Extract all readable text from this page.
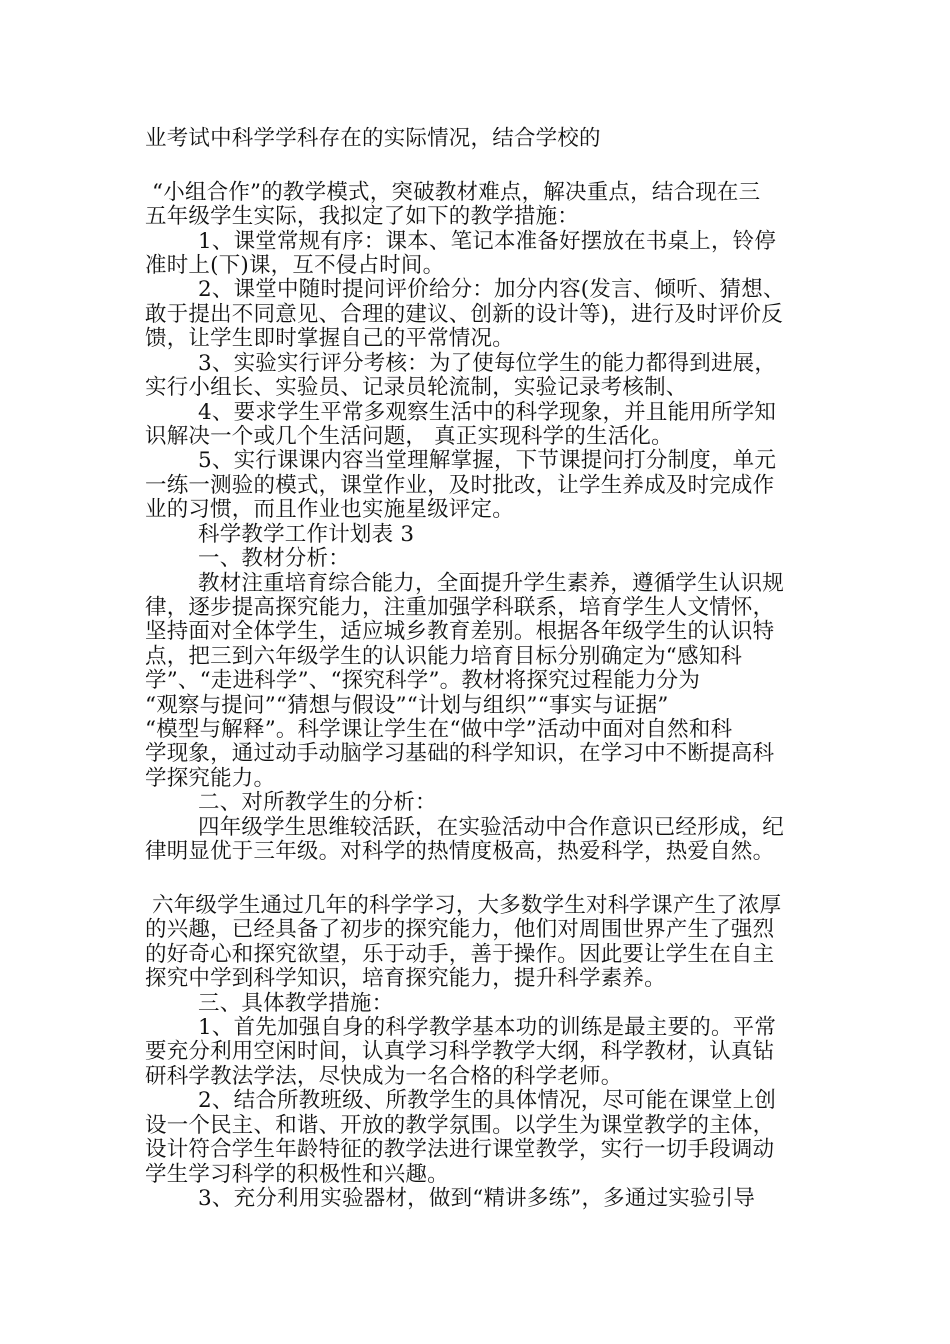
业考试中科学学科存在的实际情况，结合学校的
“小组合作”的教学模式，突破教材难点，解决重点，结合现在三
五年级学生实际，我拟定了如下的教学措施：
1、课堂常规有序：课本、笔记本准备好摆放在书桌上，铃停
准时上(下)课，互不侵占时间。
2、课堂中随时提问评价给分：加分内容(发言、倾听、猜想、
敢于提出不同意见、合理的建议、创新的设计等)，进行及时评价反
馈，让学生即时掌握自己的平常情况。
3、实验实行评分考核：为了使每位学生的能力都得到进展，
实行小组长、实验员、记录员轮流制，实验记录考核制、
4、要求学生平常多观察生活中的科学现象，并且能用所学知
识解决一个或几个生活问题， 真正实现科学的生活化。
5、实行课课内容当堂理解掌握，下节课提问打分制度，单元
一练一测验的模式，课堂作业，及时批改，让学生养成及时完成作
业的习惯，而且作业也实施星级评定。
科学教学工作计划表 3
一、教材分析：
教材注重培育综合能力，全面提升学生素养，遵循学生认识规
律，逐步提高探究能力，注重加强学科联系，培育学生人文情怀，
坚持面对全体学生，适应城乡教育差别。根据各年级学生的认识特
点，把三到六年级学生的认识能力培育目标分别确定为“感知科
学”、“走进科学”、“探究科学”。教材将探究过程能力分为
“观察与提问”“猜想与假设”“计划与组织”“事实与证据”
“模型与解释”。科学课让学生在“做中学”活动中面对自然和科
学现象，通过动手动脑学习基础的科学知识，在学习中不断提高科
学探究能力。
二、对所教学生的分析：
四年级学生思维较活跃，在实验活动中合作意识已经形成，纪
律明显优于三年级。对科学的热情度极高，热爱科学，热爱自然。
六年级学生通过几年的科学学习，大多数学生对科学课产生了浓厚
的兴趣，已经具备了初步的探究能力，他们对周围世界产生了强烈
的好奇心和探究欲望，乐于动手，善于操作。因此要让学生在自主
探究中学到科学知识，培育探究能力，提升科学素养。
三、具体教学措施：
1、首先加强自身的科学教学基本功的训练是最主要的。平常
要充分利用空闲时间，认真学习科学教学大纲，科学教材，认真钻
研科学教法学法，尽快成为一名合格的科学老师。
2、结合所教班级、所教学生的具体情况，尽可能在课堂上创
设一个民主、和谐、开放的教学氛围。以学生为课堂教学的主体，
设计符合学生年龄特征的教学法进行课堂教学，实行一切手段调动
学生学习科学的积极性和兴趣。
3、充分利用实验器材，做到“精讲多练”，多通过实验引导
